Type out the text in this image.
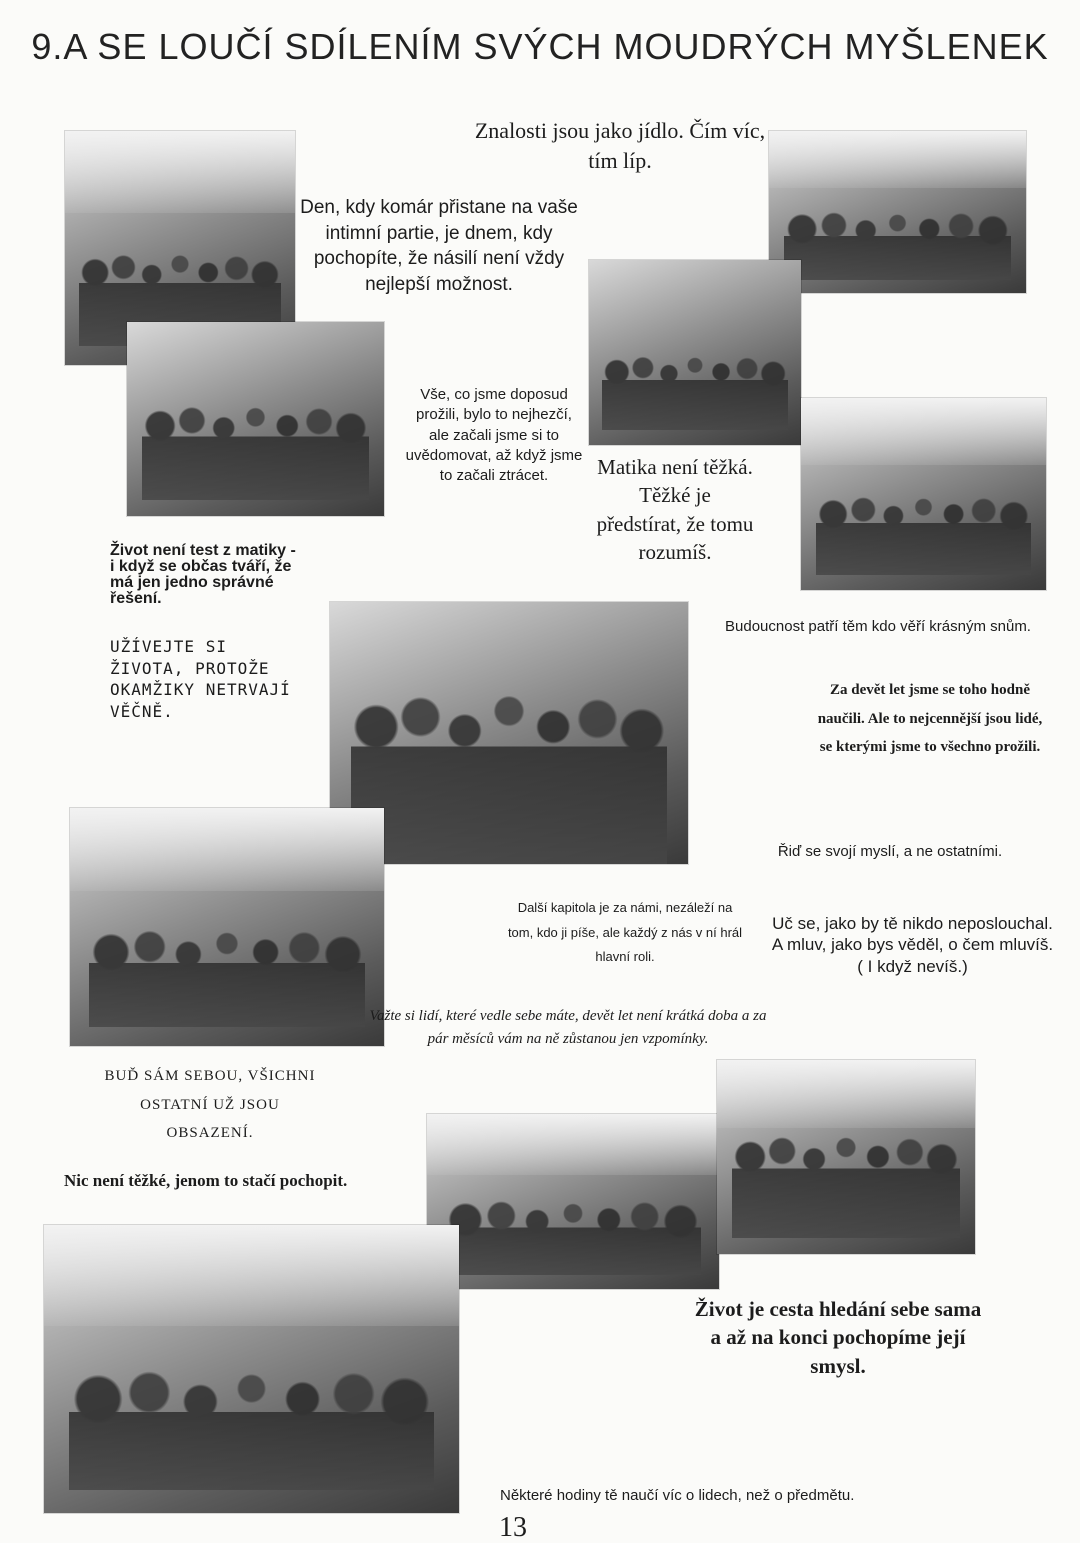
9.A SE LOUČÍ SDÍLENÍM SVÝCH MOUDRÝCH MYŠLENEK
Znalosti jsou jako jídlo. Čím víc, tím líp.
Den, kdy komár přistane na vaše intimní partie, je dnem, kdy pochopíte, že násilí není vždy nejlepší možnost.
Vše, co jsme doposud prožili, bylo to nejhezčí, ale začali jsme si to uvědomovat, až když jsme to začali ztrácet.	Matika není těžká. Těžké je předstírat, že tomu rozumíš.
Život není test z matiky - i když se občas tváří, že má jen jedno správné řešení.
UŽÍVEJTE SI ŽIVOTA, PROTOŽE OKAMŽIKY NETRVAJÍ VĚČNĚ.
Budoucnost patří těm kdo věří krásným snům.
Za devět let jsme se toho hodně naučili. Ale to nejcennější jsou lidé, se kterými jsme to všechno prožili.
Řiď se svojí myslí, a ne ostatními.
Další kapitola je za námi, nezáleží na tom, kdo ji píše, ale každý z nás v ní hrál hlavní roli.
Uč se, jako by tě nikdo neposlouchal. A mluv, jako bys věděl, o čem mluvíš. ( I když nevíš.)
Važte si lidí, které vedle sebe máte, devět let není krátká doba a za pár měsíců vám na ně zůstanou jen vzpomínky.
BUĎ SÁM SEBOU, VŠICHNI OSTATNÍ UŽ JSOU OBSAZENÍ.
Nic není těžké, jenom to stačí pochopit.
Život je cesta hledání sebe sama a až na konci pochopíme její smysl.
Některé hodiny tě naučí víc o lidech, než o předmětu.
13
